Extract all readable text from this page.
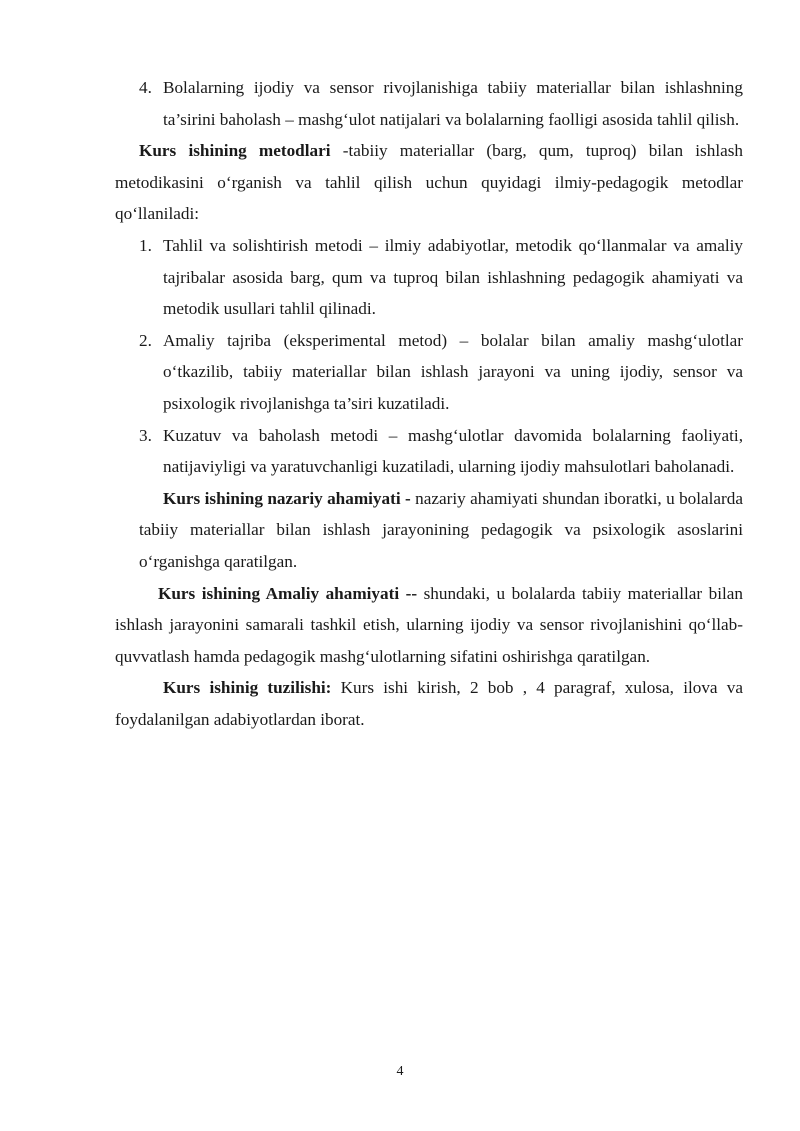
4. Bolalarning ijodiy va sensor rivojlanishiga tabiiy materiallar bilan ishlashning ta’sirini baholash – mashg‘ulot natijalari va bolalarning faolligi asosida tahlil qilish.

Kurs ishining metodlari -tabiiy materiallar (barg, qum, tuproq) bilan ishlash metodikasini o‘rganish va tahlil qilish uchun quyidagi ilmiy-pedagogik metodlar qo‘llaniladi:

1. Tahlil va solishtirish metodi – ilmiy adabiyotlar, metodik qo‘llanmalar va amaliy tajribalar asosida barg, qum va tuproq bilan ishlashning pedagogik ahamiyati va metodik usullari tahlil qilinadi.

2. Amaliy tajriba (eksperimental metod) – bolalar bilan amaliy mashg‘ulotlar o‘tkazilib, tabiiy materiallar bilan ishlash jarayoni va uning ijodiy, sensor va psixologik rivojlanishga ta’siri kuzatiladi.

3. Kuzatuv va baholash metodi – mashg‘ulotlar davomida bolalarning faoliyati, natijaviyligi va yaratuvchanligi kuzatiladi, ularning ijodiy mahsulotlari baholanadi.

Kurs ishining nazariy ahamiyati - nazariy ahamiyati shundan iboratki, u bolalarda tabiiy materiallar bilan ishlash jarayonining pedagogik va psixologik asoslarini o‘rganishga qaratilgan.

Kurs ishining Amaliy ahamiyati -- shundaki, u bolalarda tabiiy materiallar bilan ishlash jarayonini samarali tashkil etish, ularning ijodiy va sensor rivojlanishini qo‘llab-quvvatlash hamda pedagogik mashg‘ulotlarning sifatini oshirishga qaratilgan.

Kurs ishinig tuzilishi: Kurs ishi kirish, 2 bob , 4 paragraf, xulosa, ilova va foydalanilgan adabiyotlardan iborat.

4
